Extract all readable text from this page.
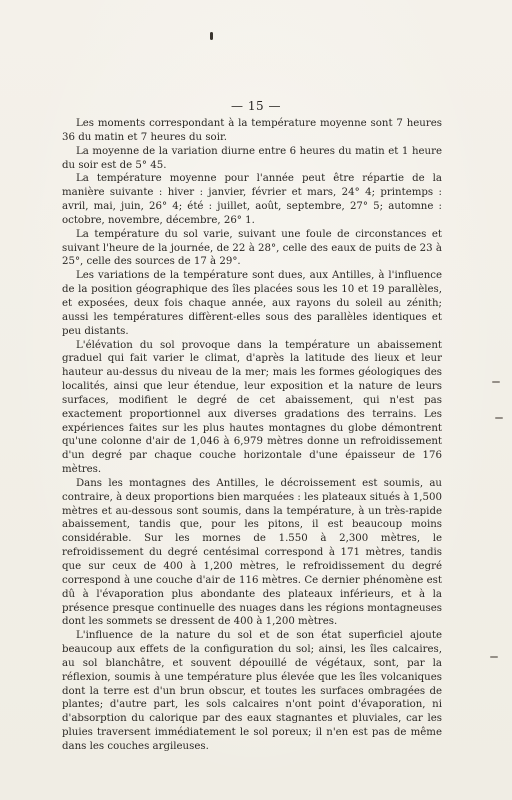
— 15 —

Les moments correspondant à la température moyenne sont 7 heures 36 du matin et 7 heures du soir.

La moyenne de la variation diurne entre 6 heures du matin et 1 heure du soir est de 5° 45.

La température moyenne pour l'année peut être répartie de la manière suivante : hiver : janvier, février et mars, 24° 4; printemps : avril, mai, juin, 26° 4; été : juillet, août, septembre, 27° 5; automne : octobre, novembre, décembre, 26° 1.

La température du sol varie, suivant une foule de circonstances et suivant l'heure de la journée, de 22 à 28°, celle des eaux de puits de 23 à 25°, celle des sources de 17 à 29°.

Les variations de la température sont dues, aux Antilles, à l'influence de la position géographique des îles placées sous les 10 et 19 parallèles, et exposées, deux fois chaque année, aux rayons du soleil au zénith; aussi les températures diffèrent-elles sous des parallèles identiques et peu distants.

L'élévation du sol provoque dans la température un abaissement graduel qui fait varier le climat, d'après la latitude des lieux et leur hauteur au-dessus du niveau de la mer; mais les formes géologiques des localités, ainsi que leur étendue, leur exposition et la nature de leurs surfaces, modifient le degré de cet abaissement, qui n'est pas exactement proportionnel aux diverses gradations des terrains. Les expériences faites sur les plus hautes montagnes du globe démontrent qu'une colonne d'air de 1,046 à 6,979 mètres donne un refroidissement d'un degré par chaque couche horizontale d'une épaisseur de 176 mètres.

Dans les montagnes des Antilles, le décroissement est soumis, au contraire, à deux proportions bien marquées : les plateaux situés à 1,500 mètres et au-dessous sont soumis, dans la température, à un très-rapide abaissement, tandis que, pour les pitons, il est beaucoup moins considérable. Sur les mornes de 1.550 à 2,300 mètres, le refroidissement du degré centésimal correspond à 171 mètres, tandis que sur ceux de 400 à 1,200 mètres, le refroidissement du degré correspond à une couche d'air de 116 mètres. Ce dernier phénomène est dû à l'évaporation plus abondante des plateaux inférieurs, et à la présence presque continuelle des nuages dans les régions montagneuses dont les sommets se dressent de 400 à 1,200 mètres.

L'influence de la nature du sol et de son état superficiel ajoute beaucoup aux effets de la configuration du sol; ainsi, les îles calcaires, au sol blanchâtre, et souvent dépouillé de végétaux, sont, par la réflexion, soumis à une température plus élevée que les îles volcaniques dont la terre est d'un brun obscur, et toutes les surfaces ombragées de plantes; d'autre part, les sols calcaires n'ont point d'évaporation, ni d'absorption du calorique par des eaux stagnantes et pluviales, car les pluies traversent immédiatement le sol poreux; il n'en est pas de même dans les couches argileuses.
